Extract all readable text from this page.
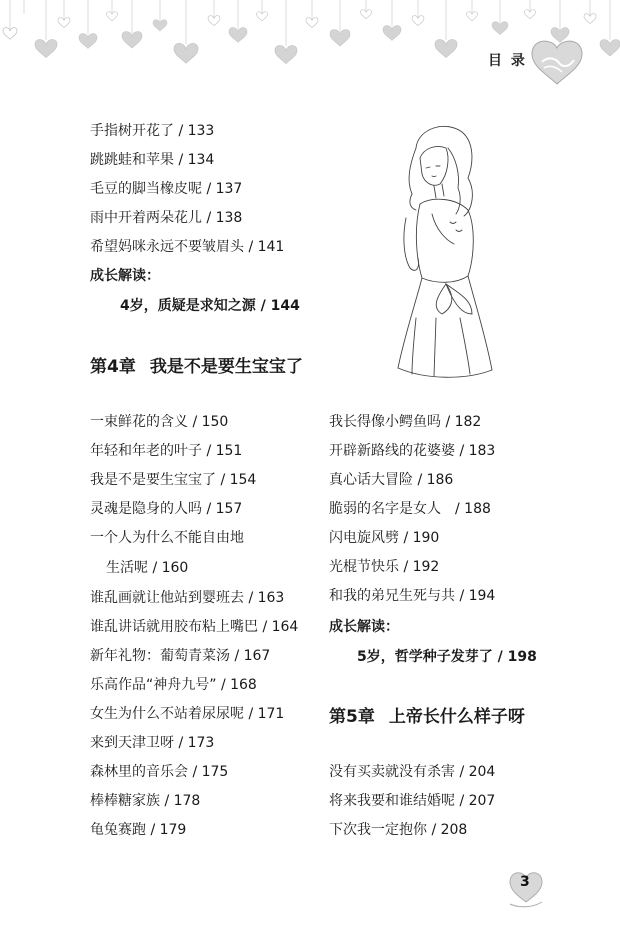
目 录
手指树开花了 / 133
跳跳蛙和苹果 / 134
毛豆的脚当橡皮呢 / 137
雨中开着两朵花儿 / 138
希望妈咪永远不要皱眉头 / 141
成长解读：
4岁，质疑是求知之源 / 144
第4章 我是不是要生宝宝了
一束鲜花的含义 / 150
年轻和年老的叶子 / 151
我是不是要生宝宝了 / 154
灵魂是隐身的人吗 / 157
一个人为什么不能自由地
生活呢 / 160
谁乱画就让他站到婴班去 / 163
谁乱讲话就用胶布粘上嘴巴 / 164
新年礼物：葡萄青菜汤 / 167
乐高作品“神舟九号” / 168
女生为什么不站着尿尿呢 / 171
来到天津卫呀 / 173
森林里的音乐会 / 175
棒棒糖家族 / 178
龟兔赛跑 / 179
我长得像小鳄鱼吗 / 182
开辟新路线的花婆婆 / 183
真心话大冒险 / 186
脆弱的名字是女人　/ 188
闪电旋风劈 / 190
光棍节快乐 / 192
和我的弟兄生死与共 / 194
成长解读：
5岁，哲学种子发芽了 / 198
第5章 上帝长什么样子呀
没有买卖就没有杀害 / 204
将来我要和谁结婚呢 / 207
下次我一定抱你 / 208
3
